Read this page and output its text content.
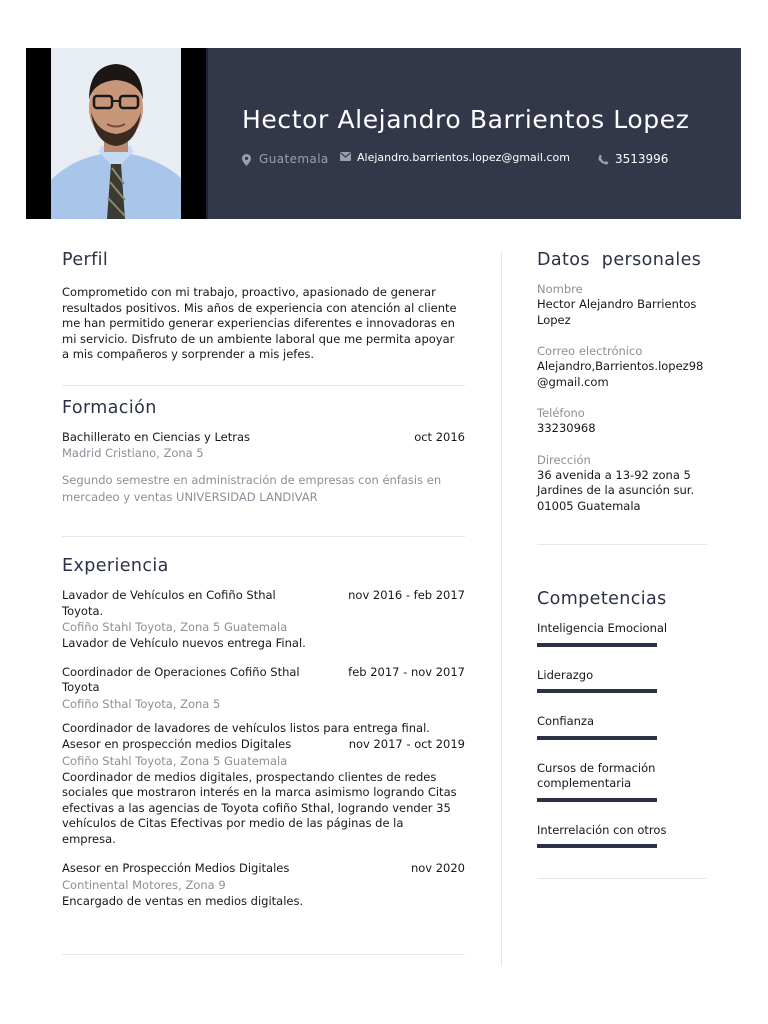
Hector Alejandro Barrientos Lopez
Guatemala	Alejandro.barrientos.lopez@gmail.com	3513996
Perfil
Comprometido con mi trabajo, proactivo, apasionado de generar resultados positivos. Mis años de experiencia con atención al cliente me han permitido generar experiencias diferentes e innovadoras en mi servicio. Disfruto de un ambiente laboral que me permita apoyar a mis compañeros y sorprender a mis jefes.
Formación
Bachillerato en Ciencias y Letras	oct 2016
Madrid Cristiano, Zona 5
Segundo semestre en administración de empresas con énfasis en mercadeo y ventas UNIVERSIDAD LANDIVAR
Experiencia
Lavador de Vehículos en Cofiño Sthal Toyota.
nov 2016 - feb 2017
Cofiño Stahl Toyota, Zona 5 Guatemala
Lavador de Vehículo nuevos entrega Final.
Coordinador de Operaciones Cofiño Sthal Toyota
feb 2017 - nov 2017
Cofiño Sthal Toyota, Zona 5
Coordinador de lavadores de vehículos listos para entrega final.
Asesor en prospección medios Digitales	nov 2017 - oct 2019
Cofiño Stahl Toyota, Zona 5 Guatemala
Coordinador de medios digitales, prospectando clientes de redes sociales que mostraron interés en la marca asimismo logrando Citas efectivas a las agencias de Toyota cofiño Sthal, logrando vender 35 vehículos de Citas Efectivas por medio de las páginas de la empresa.
Asesor en Prospección Medios Digitales	nov 2020
Continental Motores, Zona 9
Encargado de ventas en medios digitales.
Datos  personales
Nombre
Hector Alejandro Barrientos Lopez
Correo electrónico
Alejandro,Barrientos.lopez98@gmail.com
Teléfono
33230968
Dirección
36 avenida a 13-92 zona 5 Jardines de la asunción sur. 01005 Guatemala
Competencias
Inteligencia Emocional
Liderazgo
Confianza
Cursos de formación complementaria
Interrelación con otros
